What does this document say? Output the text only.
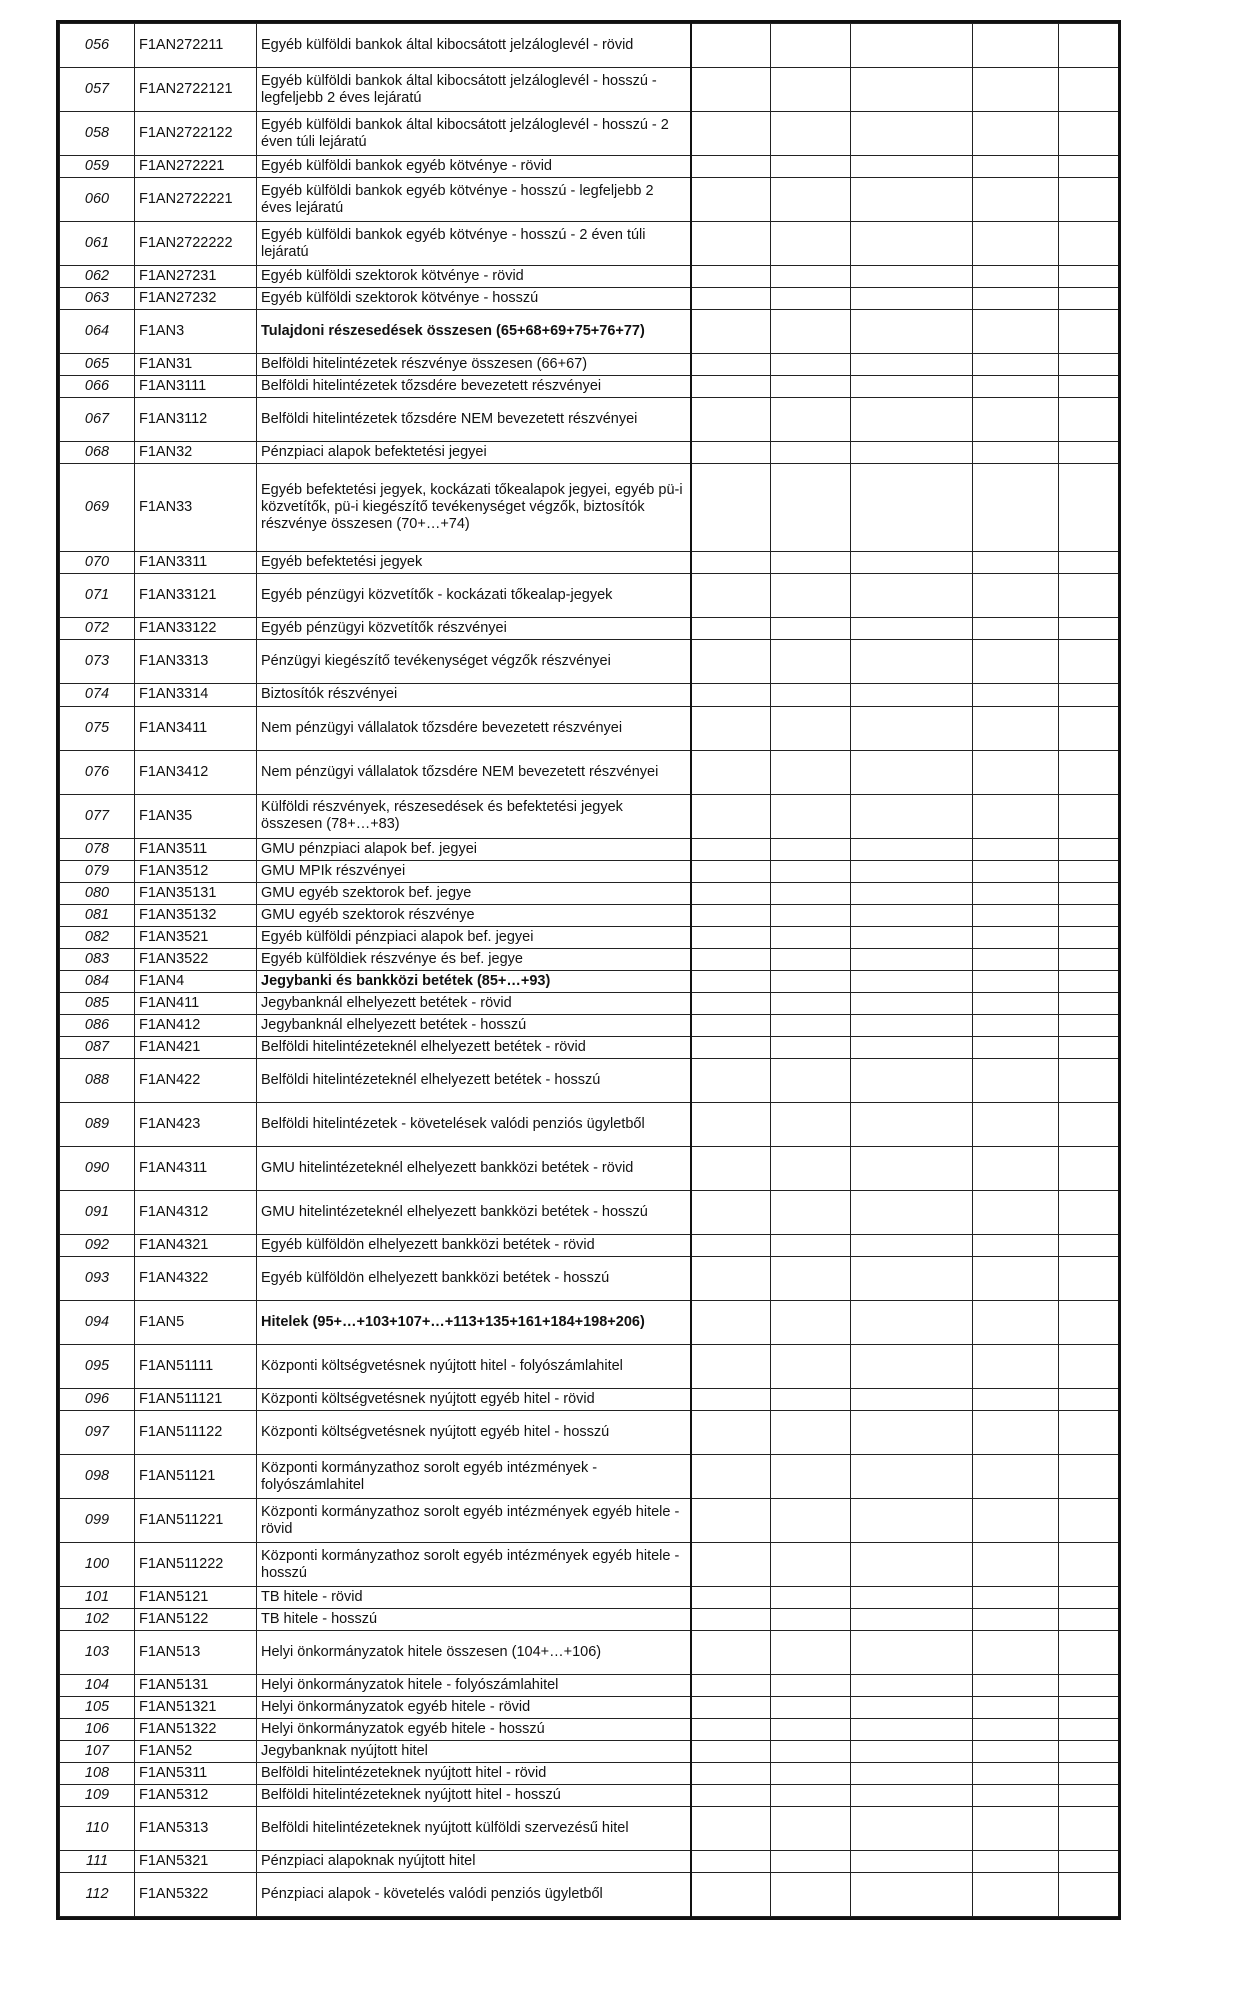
056	F1AN272211	Egyéb külföldi bankok által kibocsátott jelzáloglevél - rövid					
057	F1AN2722121	Egyéb külföldi bankok által kibocsátott jelzáloglevél - hosszú - legfeljebb 2 éves lejáratú					
058	F1AN2722122	Egyéb külföldi bankok által kibocsátott jelzáloglevél - hosszú - 2 éven túli lejáratú					
059	F1AN272221	Egyéb külföldi bankok egyéb kötvénye - rövid					
060	F1AN2722221	Egyéb külföldi bankok egyéb kötvénye - hosszú - legfeljebb 2 éves lejáratú					
061	F1AN2722222	Egyéb külföldi bankok egyéb kötvénye - hosszú - 2 éven túli lejáratú					
062	F1AN27231	Egyéb külföldi szektorok kötvénye - rövid					
063	F1AN27232	Egyéb külföldi szektorok kötvénye - hosszú					
064	F1AN3	Tulajdoni részesedések összesen (65+68+69+75+76+77)					
065	F1AN31	Belföldi hitelintézetek részvénye összesen (66+67)					
066	F1AN3111	Belföldi hitelintézetek tőzsdére bevezetett részvényei					
067	F1AN3112	Belföldi hitelintézetek tőzsdére NEM bevezetett részvényei					
068	F1AN32	Pénzpiaci alapok befektetési jegyei					
069	F1AN33	Egyéb befektetési jegyek, kockázati tőkealapok jegyei, egyéb pü-i közvetítők, pü-i kiegészítő tevékenységet végzők, biztosítók részvénye összesen (70+…+74)					
070	F1AN3311	Egyéb befektetési jegyek					
071	F1AN33121	Egyéb pénzügyi közvetítők - kockázati tőkealap-jegyek					
072	F1AN33122	Egyéb pénzügyi közvetítők részvényei					
073	F1AN3313	Pénzügyi kiegészítő tevékenységet végzők részvényei					
074	F1AN3314	Biztosítók részvényei					
075	F1AN3411	Nem pénzügyi vállalatok tőzsdére bevezetett részvényei					
076	F1AN3412	Nem pénzügyi vállalatok tőzsdére NEM bevezetett részvényei					
077	F1AN35	Külföldi részvények, részesedések és befektetési jegyek összesen (78+…+83)					
078	F1AN3511	GMU pénzpiaci alapok bef. jegyei					
079	F1AN3512	GMU MPIk részvényei					
080	F1AN35131	GMU egyéb szektorok bef. jegye					
081	F1AN35132	GMU egyéb szektorok részvénye					
082	F1AN3521	Egyéb külföldi pénzpiaci alapok bef. jegyei					
083	F1AN3522	Egyéb külföldiek részvénye és bef. jegye					
084	F1AN4	Jegybanki és bankközi betétek (85+…+93)					
085	F1AN411	Jegybanknál elhelyezett betétek - rövid					
086	F1AN412	Jegybanknál elhelyezett betétek - hosszú					
087	F1AN421	Belföldi hitelintézeteknél elhelyezett betétek - rövid					
088	F1AN422	Belföldi hitelintézeteknél elhelyezett betétek - hosszú					
089	F1AN423	Belföldi hitelintézetek - követelések valódi penziós ügyletből					
090	F1AN4311	GMU hitelintézeteknél elhelyezett bankközi betétek - rövid					
091	F1AN4312	GMU hitelintézeteknél elhelyezett bankközi betétek - hosszú					
092	F1AN4321	Egyéb külföldön elhelyezett bankközi betétek - rövid					
093	F1AN4322	Egyéb külföldön elhelyezett bankközi betétek - hosszú					
094	F1AN5	Hitelek (95+…+103+107+…+113+135+161+184+198+206)					
095	F1AN51111	Központi költségvetésnek nyújtott hitel - folyószámlahitel					
096	F1AN511121	Központi költségvetésnek nyújtott egyéb hitel - rövid					
097	F1AN511122	Központi költségvetésnek nyújtott egyéb hitel - hosszú					
098	F1AN51121	Központi kormányzathoz sorolt egyéb intézmények - folyószámlahitel					
099	F1AN511221	Központi kormányzathoz sorolt egyéb intézmények egyéb hitele - rövid					
100	F1AN511222	Központi kormányzathoz sorolt egyéb intézmények egyéb hitele - hosszú					
101	F1AN5121	TB hitele - rövid					
102	F1AN5122	TB hitele - hosszú					
103	F1AN513	Helyi önkormányzatok hitele összesen (104+…+106)					
104	F1AN5131	Helyi önkormányzatok hitele - folyószámlahitel					
105	F1AN51321	Helyi önkormányzatok egyéb hitele - rövid					
106	F1AN51322	Helyi önkormányzatok egyéb hitele - hosszú					
107	F1AN52	Jegybanknak nyújtott hitel					
108	F1AN5311	Belföldi hitelintézeteknek nyújtott hitel - rövid					
109	F1AN5312	Belföldi hitelintézeteknek nyújtott hitel - hosszú					
110	F1AN5313	Belföldi hitelintézeteknek nyújtott külföldi szervezésű hitel					
111	F1AN5321	Pénzpiaci alapoknak nyújtott hitel					
112	F1AN5322	Pénzpiaci alapok - követelés valódi penziós ügyletből					
